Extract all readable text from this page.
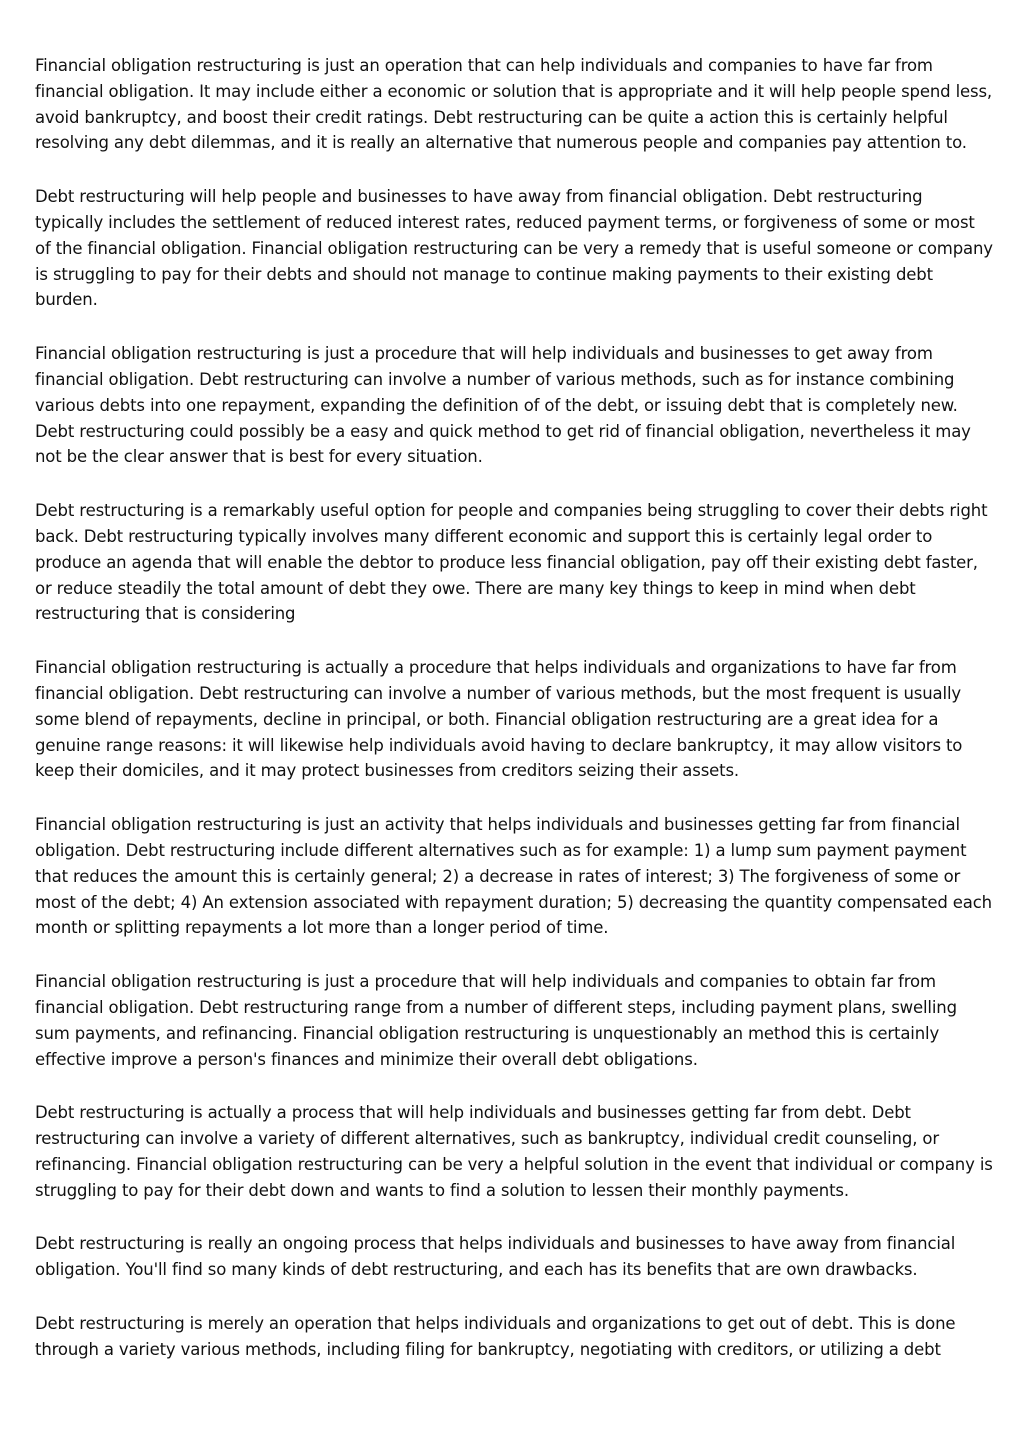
Financial obligation restructuring is just an operation that can help individuals and companies to have far from financial obligation. It may include either a economic or solution that is appropriate and it will help people spend less, avoid bankruptcy, and boost their credit ratings. Debt restructuring can be quite a action this is certainly helpful resolving any debt dilemmas, and it is really an alternative that numerous people and companies pay attention to.

Debt restructuring will help people and businesses to have away from financial obligation. Debt restructuring typically includes the settlement of reduced interest rates, reduced payment terms, or forgiveness of some or most of the financial obligation. Financial obligation restructuring can be very a remedy that is useful someone or company is struggling to pay for their debts and should not manage to continue making payments to their existing debt burden.

Financial obligation restructuring is just a procedure that will help individuals and businesses to get away from financial obligation. Debt restructuring can involve a number of various methods, such as for instance combining various debts into one repayment, expanding the definition of of the debt, or issuing debt that is completely new. Debt restructuring could possibly be a easy and quick method to get rid of financial obligation, nevertheless it may not be the clear answer that is best for every situation.

Debt restructuring is a remarkably useful option for people and companies being struggling to cover their debts right back. Debt restructuring typically involves many different economic and support this is certainly legal order to produce an agenda that will enable the debtor to produce less financial obligation, pay off their existing debt faster, or reduce steadily the total amount of debt they owe. There are many key things to keep in mind when debt restructuring that is considering

Financial obligation restructuring is actually a procedure that helps individuals and organizations to have far from financial obligation. Debt restructuring can involve a number of various methods, but the most frequent is usually some blend of repayments, decline in principal, or both. Financial obligation restructuring are a great idea for a genuine range reasons: it will likewise help individuals avoid having to declare bankruptcy, it may allow visitors to keep their domiciles, and it may protect businesses from creditors seizing their assets.

Financial obligation restructuring is just an activity that helps individuals and businesses getting far from financial obligation. Debt restructuring include different alternatives such as for example: 1) a lump sum payment payment that reduces the amount this is certainly general; 2) a decrease in rates of interest; 3) The forgiveness of some or most of the debt; 4) An extension associated with repayment duration; 5) decreasing the quantity compensated each month or splitting repayments a lot more than a longer period of time.

Financial obligation restructuring is just a procedure that will help individuals and companies to obtain far from financial obligation. Debt restructuring range from a number of different steps, including payment plans, swelling sum payments, and refinancing. Financial obligation restructuring is unquestionably an method this is certainly effective improve a person's finances and minimize their overall debt obligations.

Debt restructuring is actually a process that will help individuals and businesses getting far from debt. Debt restructuring can involve a variety of different alternatives, such as bankruptcy, individual credit counseling, or refinancing. Financial obligation restructuring can be very a helpful solution in the event that individual or company is struggling to pay for their debt down and wants to find a solution to lessen their monthly payments.

Debt restructuring is really an ongoing process that helps individuals and businesses to have away from financial obligation. You'll find so many kinds of debt restructuring, and each has its benefits that are own drawbacks.

Debt restructuring is merely an operation that helps individuals and organizations to get out of debt. This is done through a variety various methods, including filing for bankruptcy, negotiating with creditors, or utilizing a debt
